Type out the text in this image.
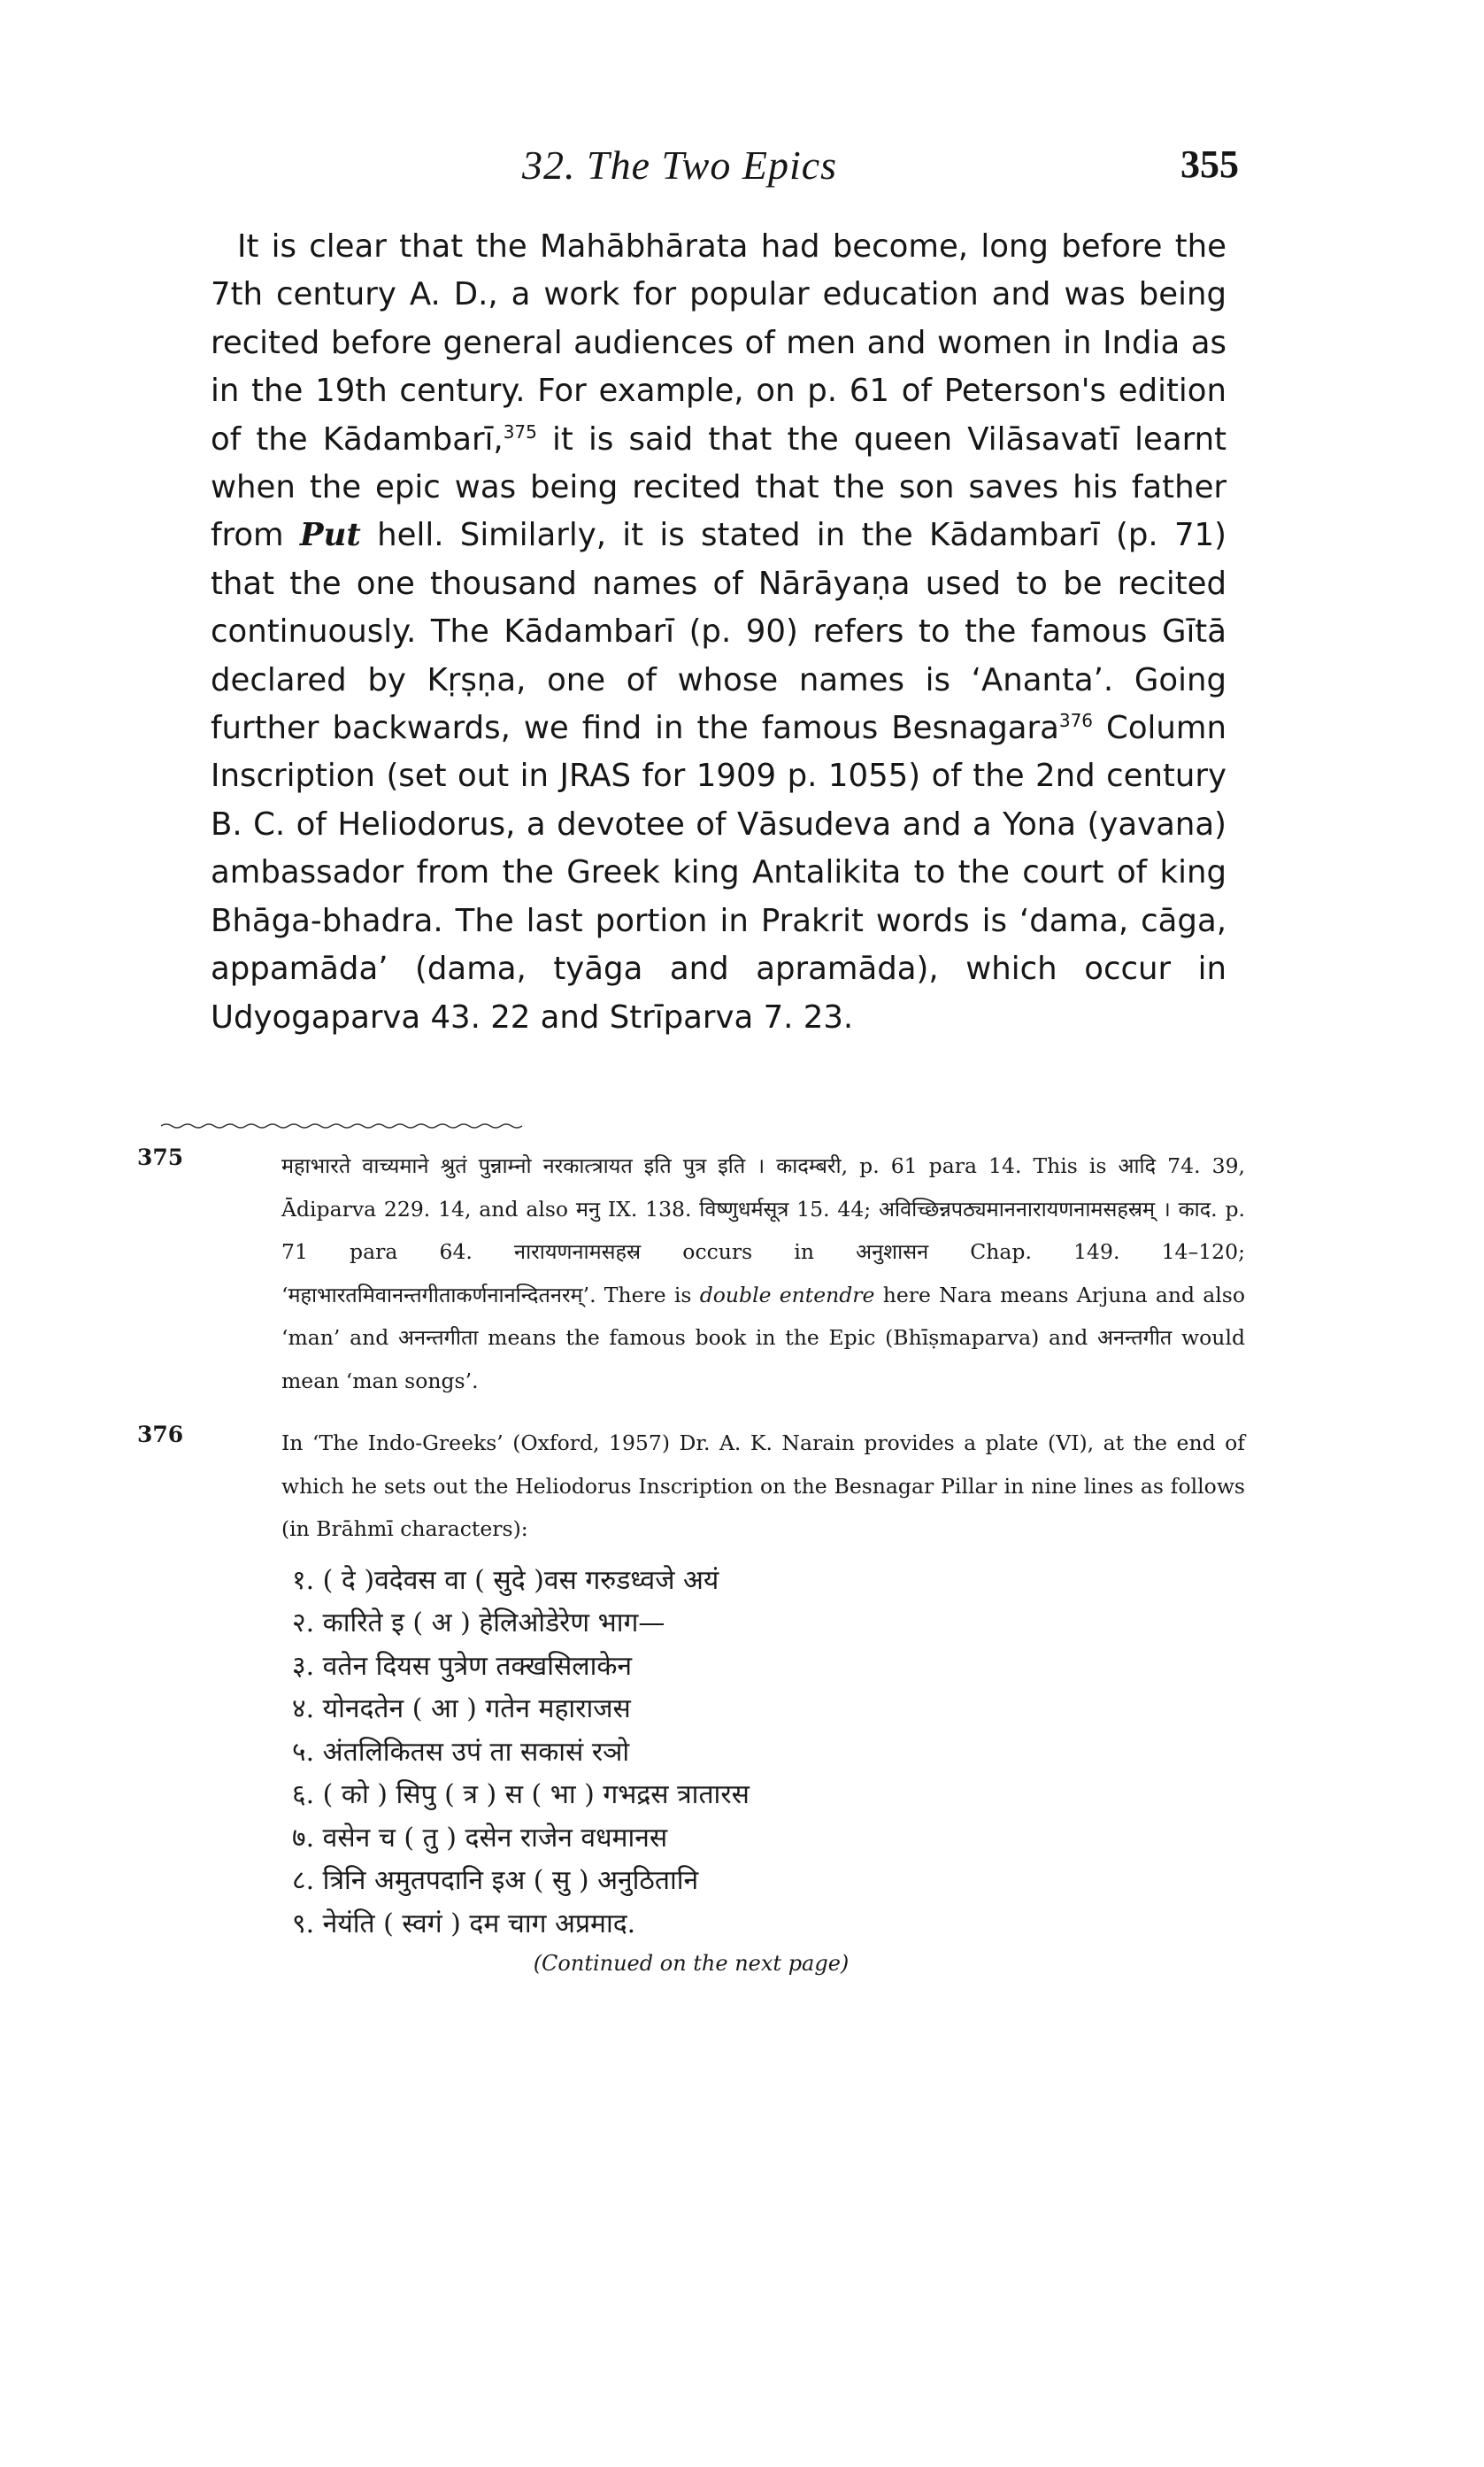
32. The Two Epics	355

It is clear that the Mahābhārata had become, long before the 7th century A. D., a work for popular education and was being recited before general audiences of men and women in India as in the 19th century. For example, on p. 61 of Peterson's edition of the Kādambarī,$^{375}$ it is said that the queen Vilāsavatī learnt when the epic was being recited that the son saves his father from Put hell. Similarly, it is stated in the Kādambarī (p. 71) that the one thousand names of Nārāyaṇa used to be recited continuously. The Kādambarī (p. 90) refers to the famous Gītā declared by Kṛṣṇa, one of whose names is ‘Ananta’. Going further backwards, we find in the famous Besnagara$^{376}$ Column Inscription (set out in JRAS for 1909 p. 1055) of the 2nd century B. C. of Heliodorus, a devotee of Vāsudeva and a Yona (yavana) ambassador from the Greek king Antalikita to the court of king Bhāga-bhadra. The last portion in Prakrit words is ‘dama, cāga, appamāda’ (dama, tyāga and apramāda), which occur in Udyogaparva 43. 22 and Strīparva 7. 23.

375	महाभारते वाच्यमाने श्रुतं पुन्नाम्नो नरकात्त्रायत इति पुत्र इति । कादम्बरी, p. 61 para 14. This is आदि 74. 39, Ādiparva 229. 14, and also मनु IX. 138. विष्णुधर्मसूत्र 15. 44; अविच्छिन्नपठ्यमाननारायणनामसहस्रम् । काद. p. 71 para 64. नारायणनामसहस्र occurs in अनुशासन Chap. 149. 14–120; ‘महाभारतमिवानन्तगीताकर्णनानन्दितनरम्’. There is double entendre here Nara means Arjuna and also ‘man’ and अनन्तगीता means the famous book in the Epic (Bhīṣmaparva) and अनन्तगीत would mean ‘man songs’.

376	In ‘The Indo-Greeks’ (Oxford, 1957) Dr. A. K. Narain provides a plate (VI), at the end of which he sets out the Heliodorus Inscription on the Besnagar Pillar in nine lines as follows (in Brāhmī characters):

१. ( दे )वदेवस वा ( सुदे )वस गरुडध्वजे अयं
२. कारिते इ ( अ ) हेलिओडेरेण भाग—
३. वतेन दियस पुत्रेण तक्खसिलाकेन
४. योनदतेन ( आ ) गतेन महाराजस
५. अंतलिकितस उपं ता सकासं रञो
६. ( को ) सिपु ( त्र ) स ( भा ) गभद्रस त्रातारस
७. वसेन च ( तु ) दसेन राजेन वधमानस
८. त्रिनि अमुतपदानि इअ ( सु ) अनुठितानि
९. नेयंति ( स्वगं ) दम चाग अप्रमाद.
(Continued on the next page)
